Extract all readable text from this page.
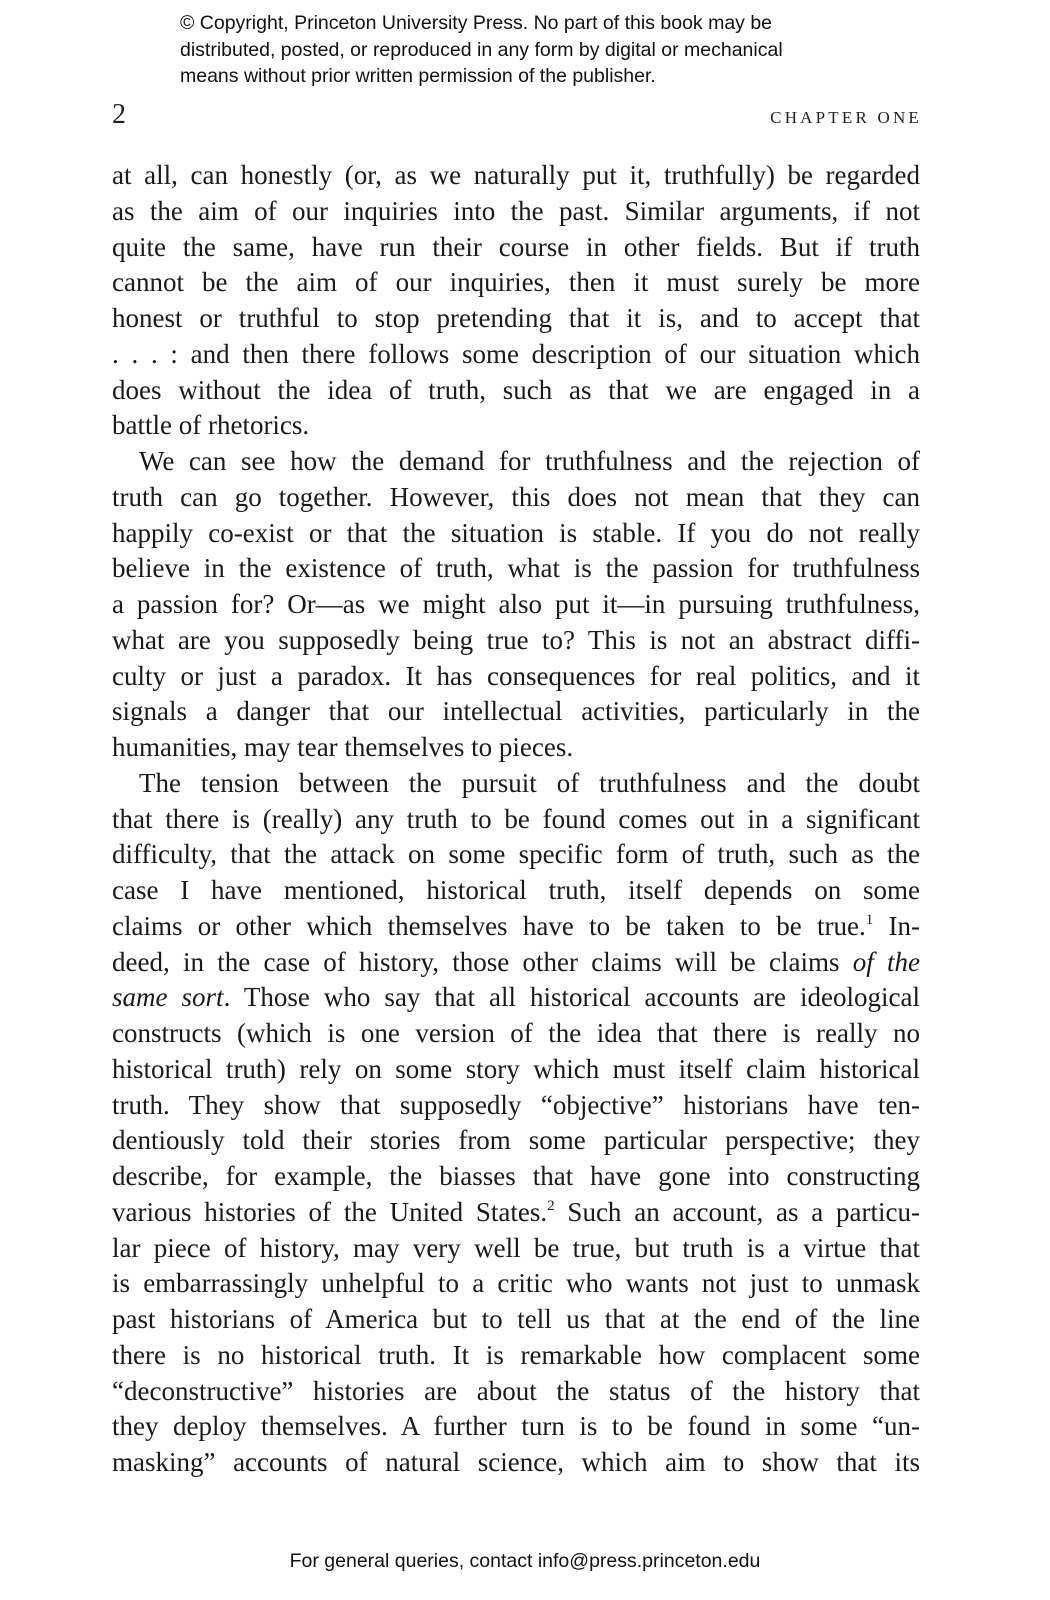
© Copyright, Princeton University Press. No part of this book may be
distributed, posted, or reproduced in any form by digital or mechanical
means without prior written permission of the publisher.
2	CHAPTER ONE
at all, can honestly (or, as we naturally put it, truthfully) be regarded
as the aim of our inquiries into the past. Similar arguments, if not
quite the same, have run their course in other fields. But if truth
cannot be the aim of our inquiries, then it must surely be more
honest or truthful to stop pretending that it is, and to accept that
. . . : and then there follows some description of our situation which
does without the idea of truth, such as that we are engaged in a
battle of rhetorics.
We can see how the demand for truthfulness and the rejection of
truth can go together. However, this does not mean that they can
happily co-exist or that the situation is stable. If you do not really
believe in the existence of truth, what is the passion for truthfulness
a passion for? Or—as we might also put it—in pursuing truthfulness,
what are you supposedly being true to? This is not an abstract diffi-
culty or just a paradox. It has consequences for real politics, and it
signals a danger that our intellectual activities, particularly in the
humanities, may tear themselves to pieces.
The tension between the pursuit of truthfulness and the doubt
that there is (really) any truth to be found comes out in a significant
difficulty, that the attack on some specific form of truth, such as the
case I have mentioned, historical truth, itself depends on some
claims or other which themselves have to be taken to be true.$^1$ In-
deed, in the case of history, those other claims will be claims of the
same sort. Those who say that all historical accounts are ideological
constructs (which is one version of the idea that there is really no
historical truth) rely on some story which must itself claim historical
truth. They show that supposedly “objective” historians have ten-
dentiously told their stories from some particular perspective; they
describe, for example, the biasses that have gone into constructing
various histories of the United States.$^2$ Such an account, as a particu-
lar piece of history, may very well be true, but truth is a virtue that
is embarrassingly unhelpful to a critic who wants not just to unmask
past historians of America but to tell us that at the end of the line
there is no historical truth. It is remarkable how complacent some
“deconstructive” histories are about the status of the history that
they deploy themselves. A further turn is to be found in some “un-
masking” accounts of natural science, which aim to show that its
For general queries, contact info@press.princeton.edu
